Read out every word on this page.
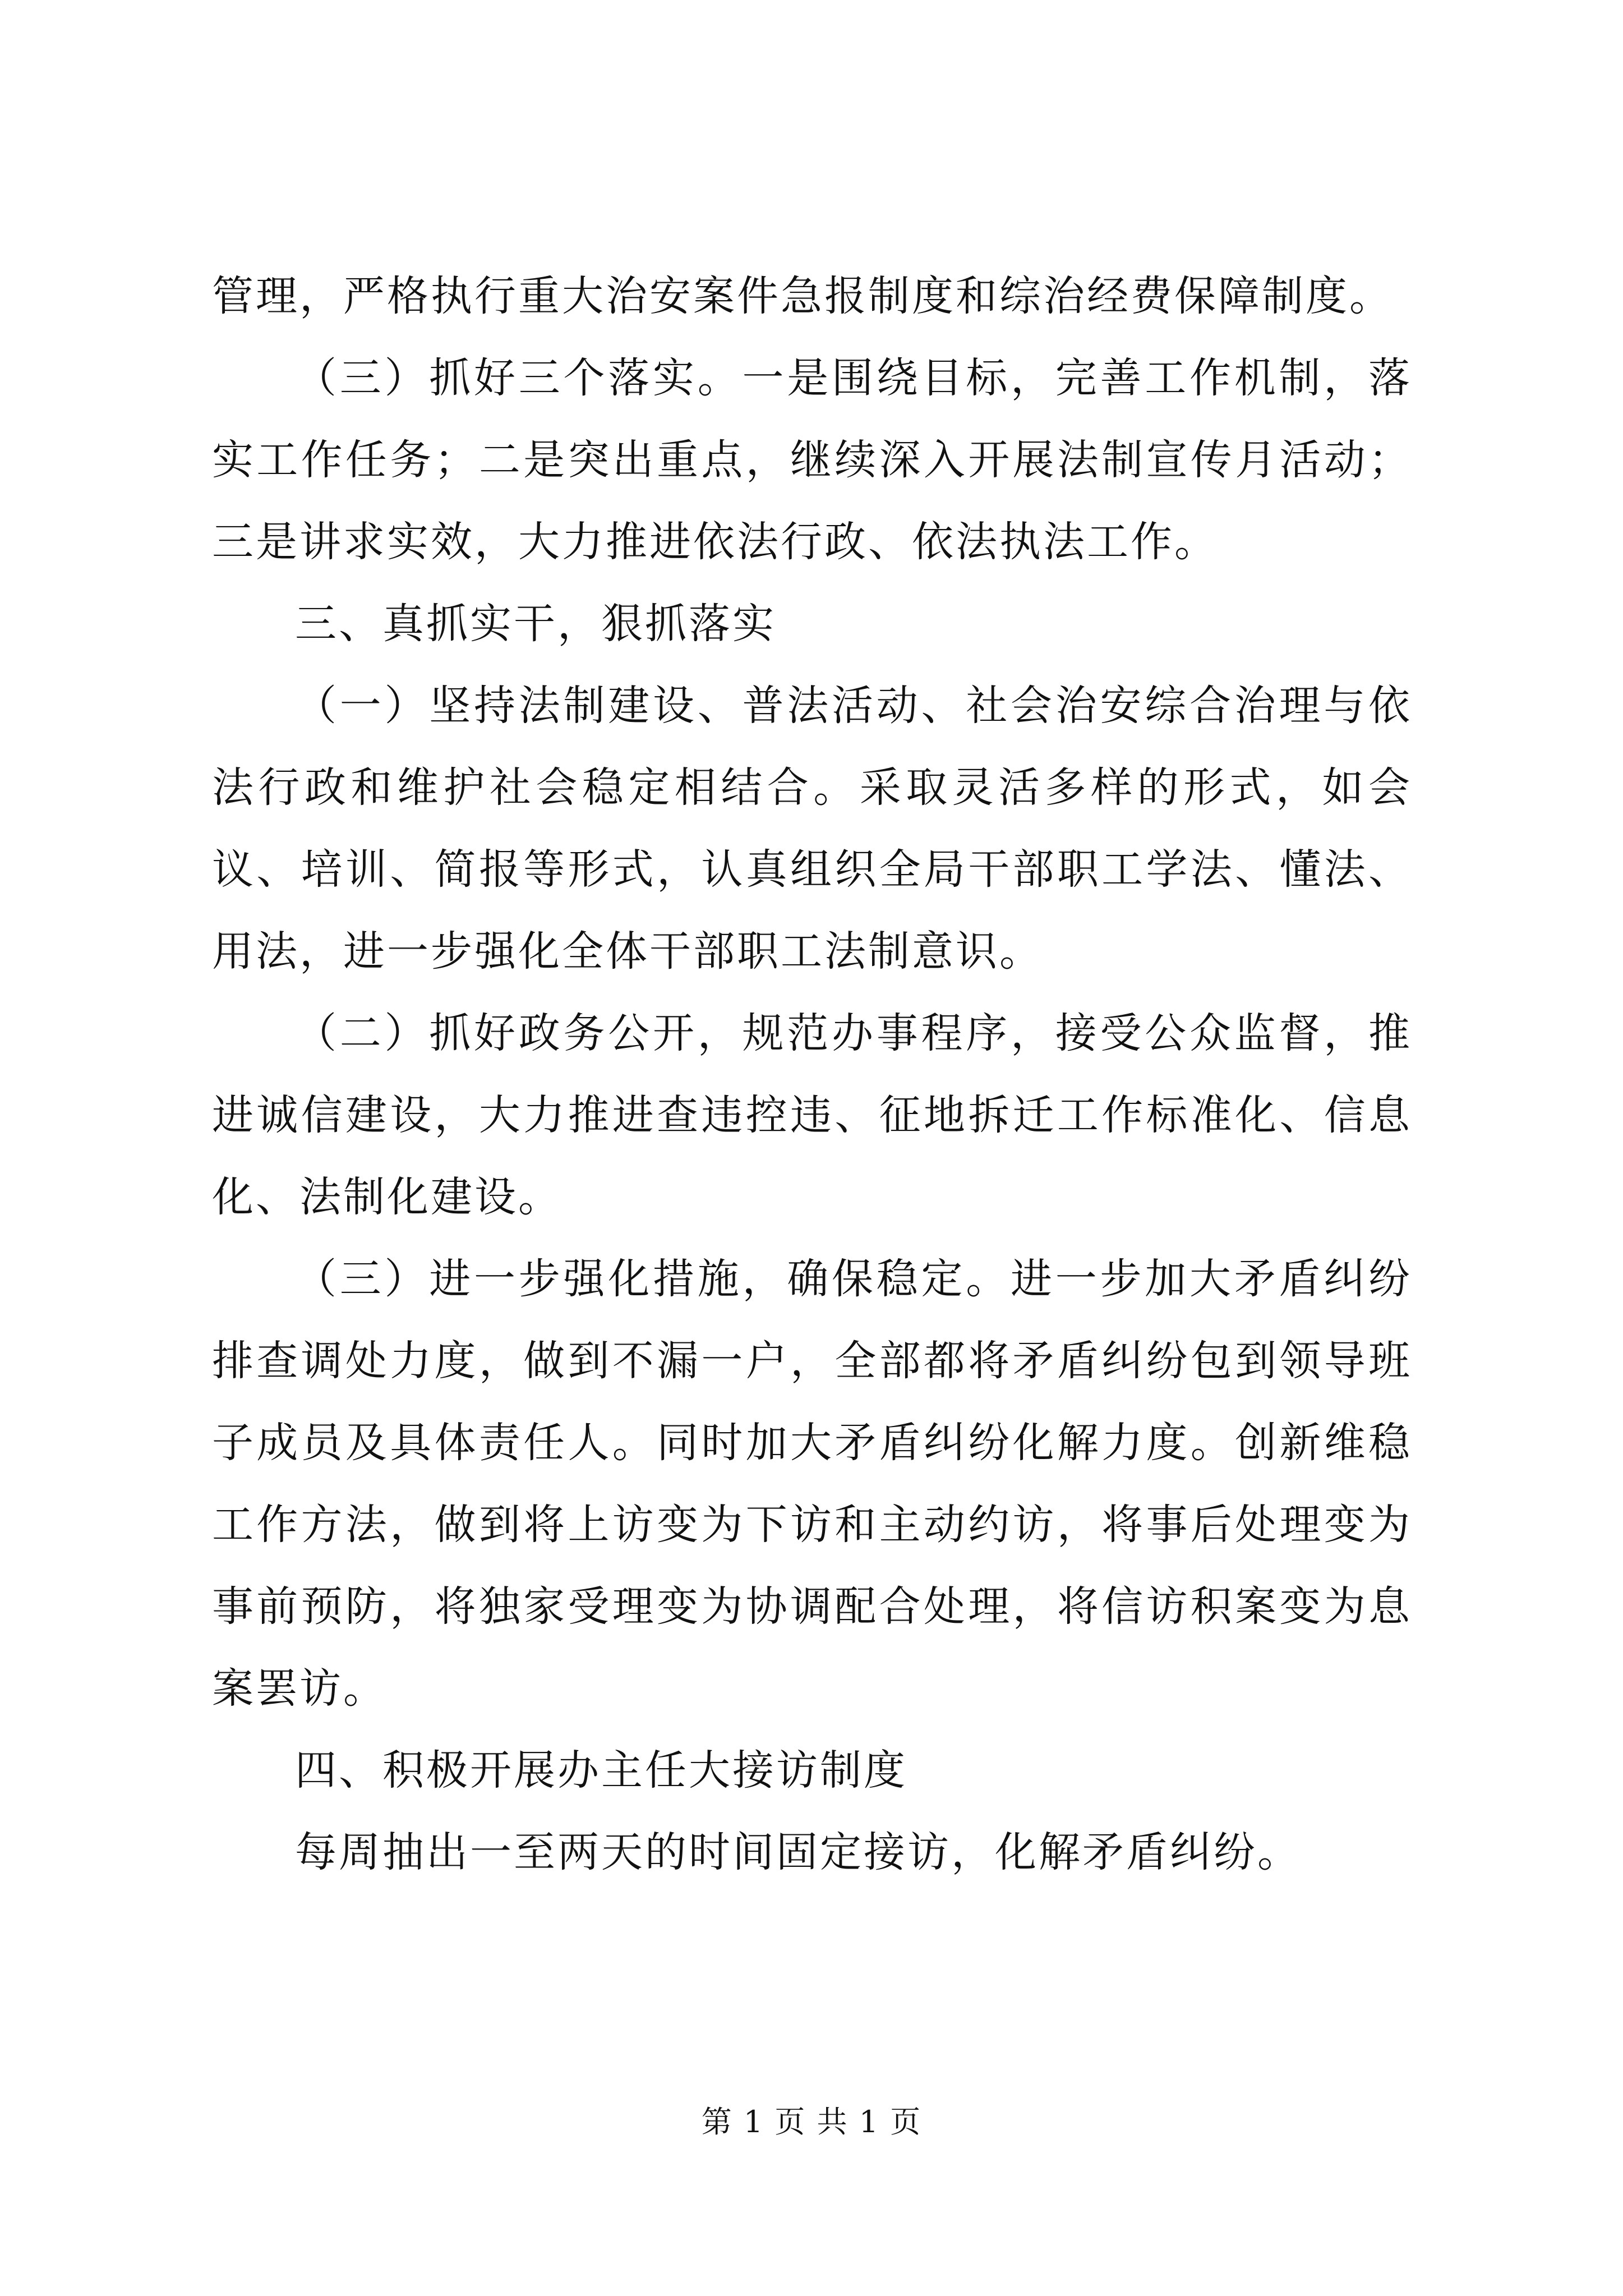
管理，严格执行重大治安案件急报制度和综治经费保障制度。

（三）抓好三个落实。一是围绕目标，完善工作机制，落实工作任务；二是突出重点，继续深入开展法制宣传月活动；三是讲求实效，大力推进依法行政、依法执法工作。

三、真抓实干，狠抓落实

（一）坚持法制建设、普法活动、社会治安综合治理与依法行政和维护社会稳定相结合。采取灵活多样的形式，如会议、培训、简报等形式，认真组织全局干部职工学法、懂法、用法，进一步强化全体干部职工法制意识。

（二）抓好政务公开，规范办事程序，接受公众监督，推进诚信建设，大力推进查违控违、征地拆迁工作标准化、信息化、法制化建设。

（三）进一步强化措施，确保稳定。进一步加大矛盾纠纷排查调处力度，做到不漏一户，全部都将矛盾纠纷包到领导班子成员及具体责任人。同时加大矛盾纠纷化解力度。创新维稳工作方法，做到将上访变为下访和主动约访，将事后处理变为事前预防，将独家受理变为协调配合处理，将信访积案变为息案罢访。

四、积极开展办主任大接访制度

每周抽出一至两天的时间固定接访，化解矛盾纠纷。

第 1 页 共 1 页
